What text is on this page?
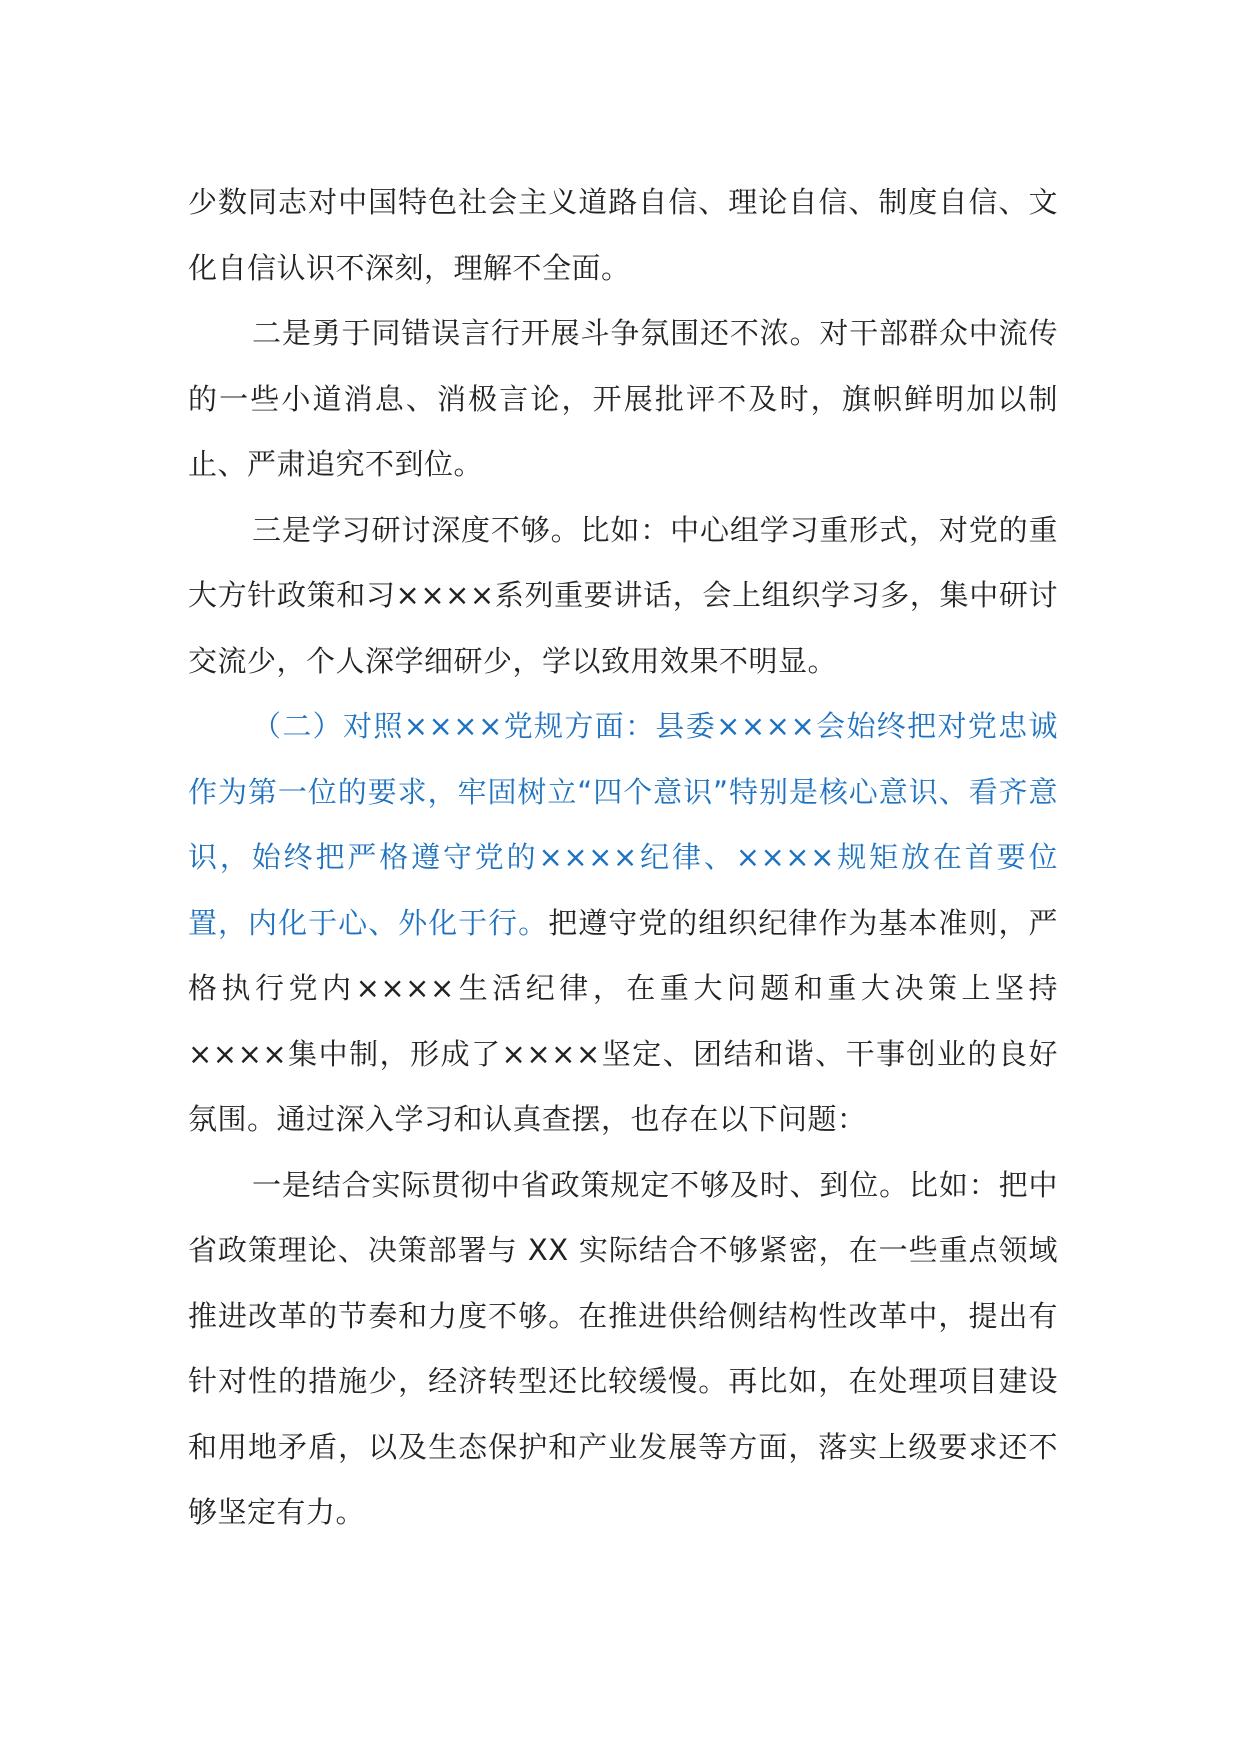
少数同志对中国特色社会主义道路自信、理论自信、制度自信、文化自信认识不深刻，理解不全面。

二是勇于同错误言行开展斗争氛围还不浓。对干部群众中流传的一些小道消息、消极言论，开展批评不及时，旗帜鲜明加以制止、严肃追究不到位。

三是学习研讨深度不够。比如：中心组学习重形式，对党的重大方针政策和习××××系列重要讲话，会上组织学习多，集中研讨交流少，个人深学细研少，学以致用效果不明显。

（二）对照××××党规方面：县委××××会始终把对党忠诚作为第一位的要求，牢固树立“四个意识”特别是核心意识、看齐意识，始终把严格遵守党的××××纪律、××××规矩放在首要位置，内化于心、外化于行。把遵守党的组织纪律作为基本准则，严格执行党内××××生活纪律，在重大问题和重大决策上坚持××××集中制，形成了××××坚定、团结和谐、干事创业的良好氛围。通过深入学习和认真查摆，也存在以下问题：

一是结合实际贯彻中省政策规定不够及时、到位。比如：把中省政策理论、决策部署与 XX 实际结合不够紧密，在一些重点领域推进改革的节奏和力度不够。在推进供给侧结构性改革中，提出有针对性的措施少，经济转型还比较缓慢。再比如，在处理项目建设和用地矛盾，以及生态保护和产业发展等方面，落实上级要求还不够坚定有力。
